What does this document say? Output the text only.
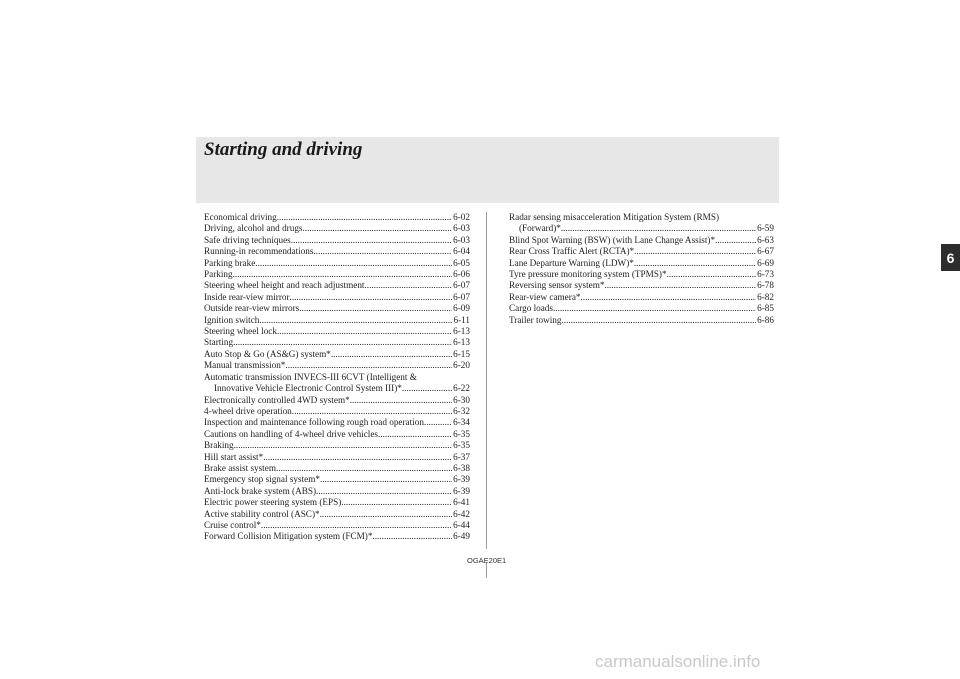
Starting and driving
Economical driving .....	6-02
Driving, alcohol and drugs .....	6-03
Safe driving techniques .....	6-03
Running-in recommendations .....	6-04
Parking brake .....	6-05
Parking .....	6-06
Steering wheel height and reach adjustment .....	6-07
Inside rear-view mirror .....	6-07
Outside rear-view mirrors .....	6-09
Ignition switch .....	6-11
Steering wheel lock .....	6-13
Starting .....	6-13
Auto Stop & Go (AS&G) system* .....	6-15
Manual transmission* .....	6-20
Automatic transmission INVECS-III 6CVT (Intelligent &
Innovative Vehicle Electronic Control System III)* .....	6-22
Electronically controlled 4WD system* .....	6-30
4-wheel drive operation .....	6-32
Inspection and maintenance following rough road operation .....	6-34
Cautions on handling of 4-wheel drive vehicles .....	6-35
Braking .....	6-35
Hill start assist* .....	6-37
Brake assist system .....	6-38
Emergency stop signal system* .....	6-39
Anti-lock brake system (ABS) .....	6-39
Electric power steering system (EPS) .....	6-41
Active stability control (ASC)* .....	6-42
Cruise control* .....	6-44
Forward Collision Mitigation system (FCM)* .....	6-49
Radar sensing misacceleration Mitigation System (RMS)
(Forward)* .....	6-59
Blind Spot Warning (BSW) (with Lane Change Assist)* .....	6-63
Rear Cross Traffic Alert (RCTA)* .....	6-67
Lane Departure Warning (LDW)* .....	6-69
Tyre pressure monitoring system (TPMS)* .....	6-73
Reversing sensor system* .....	6-78
Rear-view camera* .....	6-82
Cargo loads .....	6-85
Trailer towing .....	6-86
OGAE20E1
6
carmanualsonline.info
